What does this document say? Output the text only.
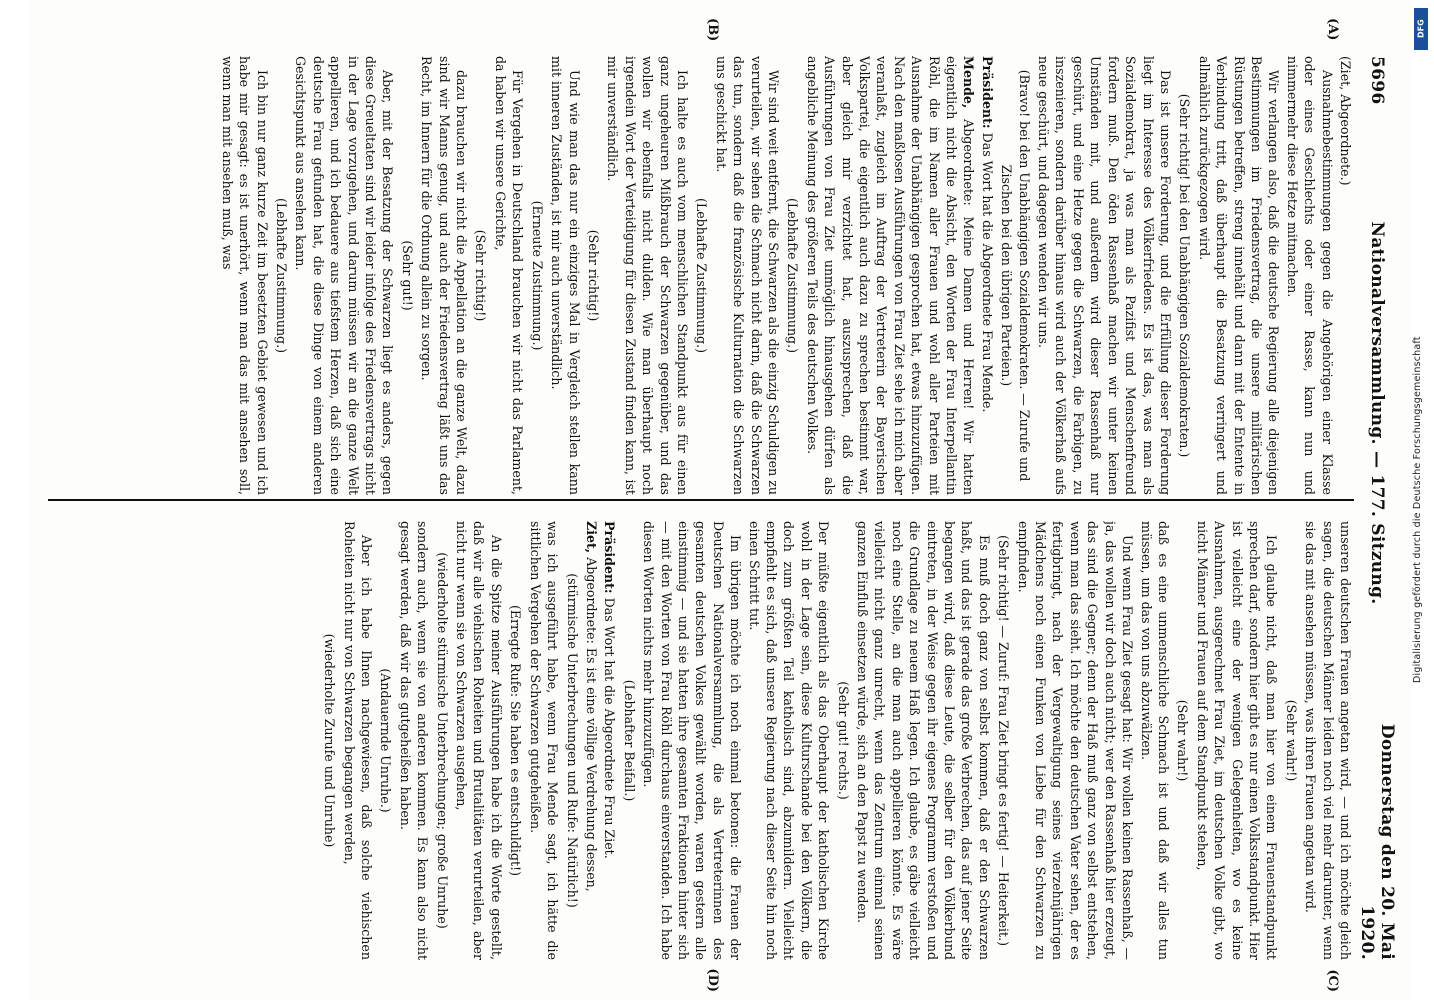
5696
Nationalversammlung. — 177. Sitzung.
Donnerstag den 20. Mai 1920.

(Ziet, Abgeordnete.)

Ausnahmebestimmungen gegen die Angehörigen einer Klasse oder eines Geschlechts oder einer Rasse, kann nun und nimmermehr diese Hetze mitmachen.

Wir verlangen also, daß die deutsche Regierung alle diejenigen Bestimmungen im Friedensvertrag, die unsere militärischen Rüstungen betreffen, streng innehält und dann mit der Entente in Verbindung tritt, daß überhaupt die Besatzung verringert und allmählich zurückgezogen wird.

(Sehr richtig! bei den Unabhängigen Sozialdemokraten.)

Das ist unsere Forderung, und die Erfüllung dieser Forderung liegt im Interesse des Völkerfriedens. Es ist das, was man als Sozialdemokrat, ja was man als Pazifist und Menschenfreund fordern muß. Den öden Rassenhaß machen wir unter keinen Umständen mit, und außerdem wird dieser Rassenhaß nur geschürt, und eine Hetze gegen die Schwarzen, die Farbigen, zu inszenieren, sondern darüber hinaus wird auch der Völkerhaß aufs neue geschürt, und dagegen wenden wir uns.

(Bravo! bei den Unabhängigen Sozialdemokraten. — Zurufe und Zischen bei den übrigen Parteien.)

Präsident: Das Wort hat die Abgeordnete Frau Mende.

Mende, Abgeordnete: Meine Damen und Herren! Wir hatten eigentlich nicht die Absicht, den Worten der Frau Interpellantin Röhl, die im Namen aller Frauen und wohl aller Parteien mit Ausnahme der Unabhängigen gesprochen hat, etwas hinzuzufügen. Nach den maßlosen Ausführungen von Frau Ziet sehe ich mich aber veranlaßt, zugleich im Auftrag der Vertreterin der Bayerischen Volkspartei, die eigentlich auch dazu zu sprechen bestimmt war, aber gleich mir verzichtet hat, auszusprechen, daß die Ausführungen von Frau Ziet unmöglich hinausgehen dürfen als angebliche Meinung des größeren Teils des deutschen Volkes.

(Lebhafte Zustimmung.)

Wir sind weit entfernt, die Schwarzen als die einzig Schuldigen zu verurteilen, wir sehen die Schmach nicht darin, daß die Schwarzen das tun, sondern daß die französische Kulturnation die Schwarzen uns geschickt hat.

(Lebhafte Zustimmung.)

Ich halte es auch vom menschlichen Standpunkt aus für einen ganz ungeheuren Mißbrauch der Schwarzen gegenüber, und das wollen wir ebenfalls nicht dulden. Wie man überhaupt noch irgendein Wort der Verteidigung für diesen Zustand finden kann, ist mir unverständlich.

(Sehr richtig!)

Und wie man das nur ein einziges Mal in Vergleich stellen kann mit inneren Zuständen, ist mir auch unverständlich.

(Erneute Zustimmung.)

Für Vergehen in Deutschland brauchen wir nicht das Parlament, da haben wir unsere Gerichte,

(Sehr richtig!)

dazu brauchen wir nicht die Appellation an die ganze Welt, dazu sind wir Manns genug, und auch der Friedensvertrag läßt uns das Recht, im Innern für die Ordnung allein zu sorgen.

(Sehr gut!)

Aber, mit der Besatzung der Schwarzen liegt es anders, gegen diese Greueltaten sind wir leider infolge des Friedensvertrags nicht in der Lage vorzugehen, und darum müssen wir an die ganze Welt appellieren, und ich bedauere aus tiefstem Herzen, daß sich eine deutsche Frau gefunden hat, die diese Dinge von einem anderen Gesichtspunkt aus ansehen kann.

(Lebhafte Zustimmung.)

Ich bin nur ganz kurze Zeit im besetzten Gebiet gewesen und ich habe mir gesagt: es ist unerhört, wenn man das mit ansehen soll, wenn man mit ansehen muß, was

unseren deutschen Frauen angetan wird, — und ich möchte gleich sagen, die deutschen Männer leiden noch viel mehr darunter, wenn sie das mit ansehen müssen, was ihren Frauen angetan wird.

(Sehr wahr!)

Ich glaube nicht, daß man hier von einem Frauenstandpunkt sprechen darf, sondern hier gibt es nur einen Volksstandpunkt. Hier ist vielleicht eine der wenigen Gelegenheiten, wo es keine Ausnahmen, ausgerechnet Frau Ziet, im deutschen Volke gibt, wo nicht Männer und Frauen auf dem Standpunkt stehen,

(Sehr wahr!)

daß es eine unmenschliche Schmach ist und daß wir alles tun müssen, um das von uns abzuwälzen.

Und wenn Frau Ziet gesagt hat: Wir wollen keinen Rassenhaß, — ja, das wollen wir doch auch nicht; wer den Rassenhaß hier erzeugt, das sind die Gegner; denn der Haß muß ganz von selbst entstehen, wenn man das sieht. Ich möchte den deutschen Vater sehen, der es fertigbringt, nach der Vergewaltigung seines vierzehnjährigen Mädchens noch einen Funken von Liebe für den Schwarzen zu empfinden.

(Sehr richtig! — Zuruf: Frau Ziet bringt es fertig! — Heiterkeit.)

Es muß doch ganz von selbst kommen, daß er den Schwarzen haßt, und das ist gerade das große Verbrechen, das auf jener Seite begangen wird, daß diese Leute, die selber für den Völkerbund eintreten, in der Weise gegen ihr eigenes Programm verstoßen und die Grundlage zu neuem Haß legen. Ich glaube, es gäbe vielleicht noch eine Stelle, an die man auch appellieren könnte. Es wäre vielleicht nicht ganz unrecht, wenn das Zentrum einmal seinen ganzen Einfluß einsetzen würde, sich an den Papst zu wenden.

(Sehr gut! rechts.)

Der müßte eigentlich als das Oberhaupt der katholischen Kirche wohl in der Lage sein, diese Kulturschande bei den Völkern, die doch zum größten Teil katholisch sind, abzumildern. Vielleicht empfiehlt es sich, daß unsere Regierung nach dieser Seite hin noch einen Schritt tut.

Im übrigen möchte ich noch einmal betonen: die Frauen der Deutschen Nationalversammlung, die als Vertreterinnen des gesamten deutschen Volkes gewählt worden, waren gestern alle einstimmig — und sie hatten ihre gesamten Fraktionen hinter sich — mit den Worten von Frau Röhl durchaus einverstanden. Ich habe diesen Worten nichts mehr hinzuzufügen.

(Lebhafter Beifall.)

Präsident: Das Wort hat die Abgeordnete Frau Ziet.

Ziet, Abgeordnete: Es ist eine völlige Verdrehung dessen,

(stürmische Unterbrechungen und Rufe: Natürlich!)

was ich ausgeführt habe, wenn Frau Mende sagt, ich hätte die sittlichen Vergehen der Schwarzen gutgeheißen.

(Erregte Rufe: Sie haben es entschuldigt!)

An die Spitze meiner Ausführungen habe ich die Worte gestellt, daß wir alle viehischen Roheiten und Brutalitäten verurteilen, aber nicht nur wenn sie von Schwarzen ausgehen,

(wiederholte stürmische Unterbrechungen; große Unruhe)

sondern auch, wenn sie von anderen kommen. Es kann also nicht gesagt werden, daß wir das gutgeheißen haben.

(Andauernde Unruhe.)

Aber ich habe Ihnen nachgewiesen, daß solche viehischen Roheiten nicht nur von Schwarzen begangen werden,

(wiederholte Zurufe und Unruhe)

(A)
(B)
(C)
(D)
DFG
Digitalisierung gefördert durch die Deutsche Forschungsgemeinschaft
